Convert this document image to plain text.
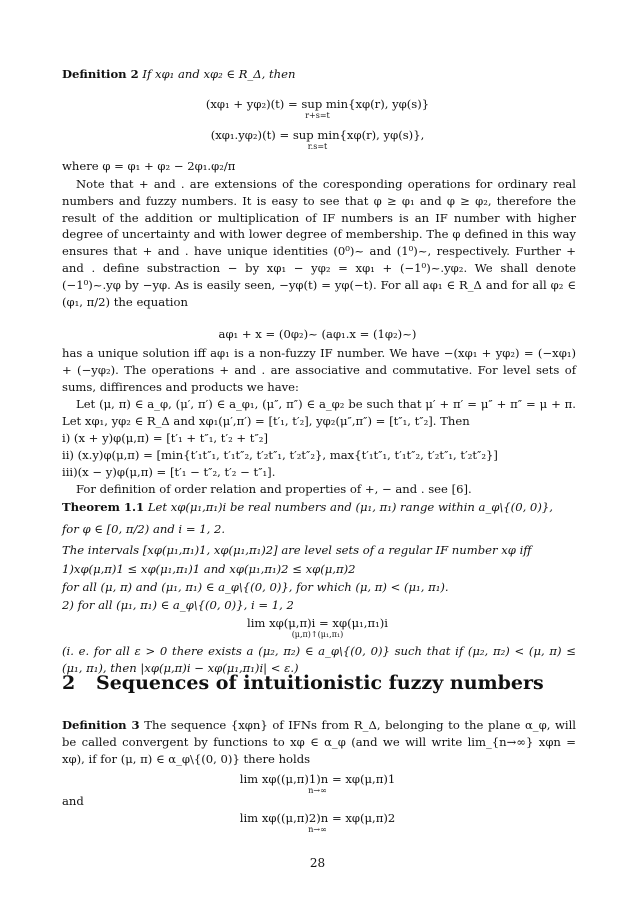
Definition 2 If xφ₁ and xφ₂ ∈ R_Δ, then

(xφ₁ + yφ₂)(t) = sup min{xφ(r), yφ(s)}
r+s=t
(xφ₁.yφ₂)(t) = sup min{xφ(r), yφ(s)},
r.s=t

where φ = φ₁ + φ₂ − 2φ₁.φ₂/π

Note that + and . are extensions of the coresponding operations for ordinary real numbers and fuzzy numbers. It is easy to see that φ ≥ φ₁ and φ ≥ φ₂, therefore the result of the addition or multiplication of IF numbers is an IF number with higher degree of uncertainty and with lower degree of membership. The φ defined in this way ensures that + and . have unique identities (0⁰)~ and (1⁰)~, respectively. Further + and . define substraction − by xφ₁ − yφ₂ = xφ₁ + (−1⁰)~.yφ₂. We shall denote (−1⁰)~.yφ by −yφ. As is easily seen, −yφ(t) = yφ(−t). For all aφ₁ ∈ R_Δ and for all φ₂ ∈ (φ₁, π/2) the equation

aφ₁ + x = (0φ₂)~ (aφ₁.x = (1φ₂)~)

has a unique solution iff aφ₁ is a non-fuzzy IF number. We have −(xφ₁ + yφ₂) = (−xφ₁) + (−yφ₂). The operations + and . are associative and commutative. For level sets of sums, diffirences and products we have:

Let (μ, π) ∈ a_φ, (μ′, π′) ∈ a_φ₁, (μ″, π″) ∈ a_φ₂ be such that μ′ + π′ = μ″ + π″ = μ + π. Let xφ₁, yφ₂ ∈ R_Δ and xφ₁(μ′,π′) = [t′₁, t′₂], yφ₂(μ″,π″) = [t″₁, t″₂]. Then

i) (x + y)φ(μ,π) = [t′₁ + t″₁, t′₂ + t″₂]

ii) (x.y)φ(μ,π) = [min{t′₁t″₁, t′₁t″₂, t′₂t″₁, t′₂t″₂}, max{t′₁t″₁, t′₁t″₂, t′₂t″₁, t′₂t″₂}]

iii)(x − y)φ(μ,π) = [t′₁ − t″₂, t′₂ − t″₁].

For definition of order relation and properties of +, − and . see [6].

Theorem 1.1 Let xφ(μ₁,π₁)i be real numbers and (μ₁, π₁) range within a_φ\{(0, 0)},

for φ ∈ [0, π/2) and i = 1, 2.

The intervals [xφ(μ₁,π₁)1, xφ(μ₁,π₁)2] are level sets of a regular IF number xφ iff

1)xφ(μ,π)1 ≤ xφ(μ₁,π₁)1 and xφ(μ₁,π₁)2 ≤ xφ(μ,π)2

for all (μ, π) and (μ₁, π₁) ∈ a_φ\{(0, 0)}, for which (μ, π) < (μ₁, π₁).

2) for all (μ₁, π₁) ∈ a_φ\{(0, 0)}, i = 1, 2

lim xφ(μ,π)i = xφ(μ₁,π₁)i
(μ,π)↑(μ₁,π₁)

(i. e. for all ε > 0 there exists a (μ₂, π₂) ∈ a_φ\{(0, 0)} such that if (μ₂, π₂) < (μ, π) ≤ (μ₁, π₁), then |xφ(μ,π)i − xφ(μ₁,π₁)i| < ε.)

2 Sequences of intuitionistic fuzzy numbers

Definition 3 The sequence {xφn} of IFNs from R_Δ, belonging to the plane α_φ, will be called convergent by functions to xφ ∈ α_φ (and we will write lim_{n→∞} xφn = xφ), if for (μ, π) ∈ α_φ\{(0, 0)} there holds

lim xφ((μ,π)1)n = xφ(μ,π)1
n→∞

and

lim xφ((μ,π)2)n = xφ(μ,π)2
n→∞
28
